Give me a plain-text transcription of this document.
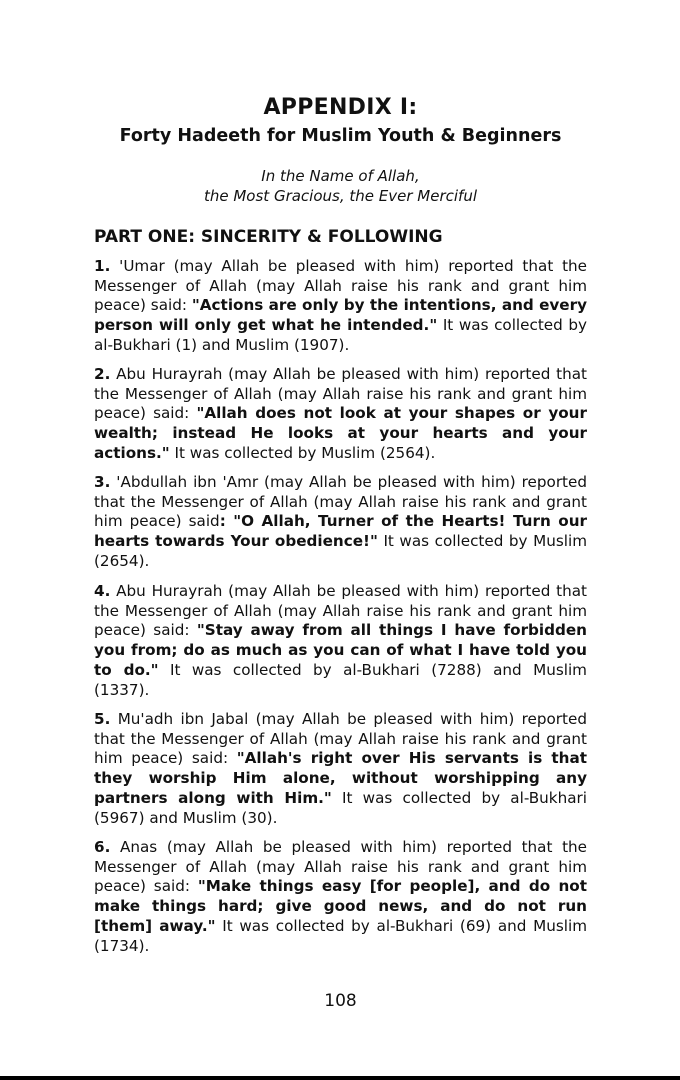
APPENDIX I:
Forty Hadeeth for Muslim Youth & Beginners
In the Name of Allah,
the Most Gracious, the Ever Merciful
PART ONE: SINCERITY & FOLLOWING

1. 'Umar (may Allah be pleased with him) reported that the Messenger of Allah (may Allah raise his rank and grant him peace) said: "Actions are only by the intentions, and every person will only get what he intended." It was collected by al-Bukhari (1) and Muslim (1907).

2. Abu Hurayrah (may Allah be pleased with him) reported that the Messenger of Allah (may Allah raise his rank and grant him peace) said: "Allah does not look at your shapes or your wealth; instead He looks at your hearts and your actions." It was collected by Muslim (2564).

3. 'Abdullah ibn 'Amr (may Allah be pleased with him) reported that the Messenger of Allah (may Allah raise his rank and grant him peace) said: "O Allah, Turner of the Hearts! Turn our hearts towards Your obedience!" It was collected by Muslim (2654).

4. Abu Hurayrah (may Allah be pleased with him) reported that the Messenger of Allah (may Allah raise his rank and grant him peace) said: "Stay away from all things I have forbidden you from; do as much as you can of what I have told you to do." It was collected by al-Bukhari (7288) and Muslim (1337).

5. Mu'adh ibn Jabal (may Allah be pleased with him) reported that the Messenger of Allah (may Allah raise his rank and grant him peace) said: "Allah's right over His servants is that they worship Him alone, without worshipping any partners along with Him." It was collected by al-Bukhari (5967) and Muslim (30).

6. Anas (may Allah be pleased with him) reported that the Messenger of Allah (may Allah raise his rank and grant him peace) said: "Make things easy [for people], and do not make things hard; give good news, and do not run [them] away." It was collected by al-Bukhari (69) and Muslim (1734).

108
